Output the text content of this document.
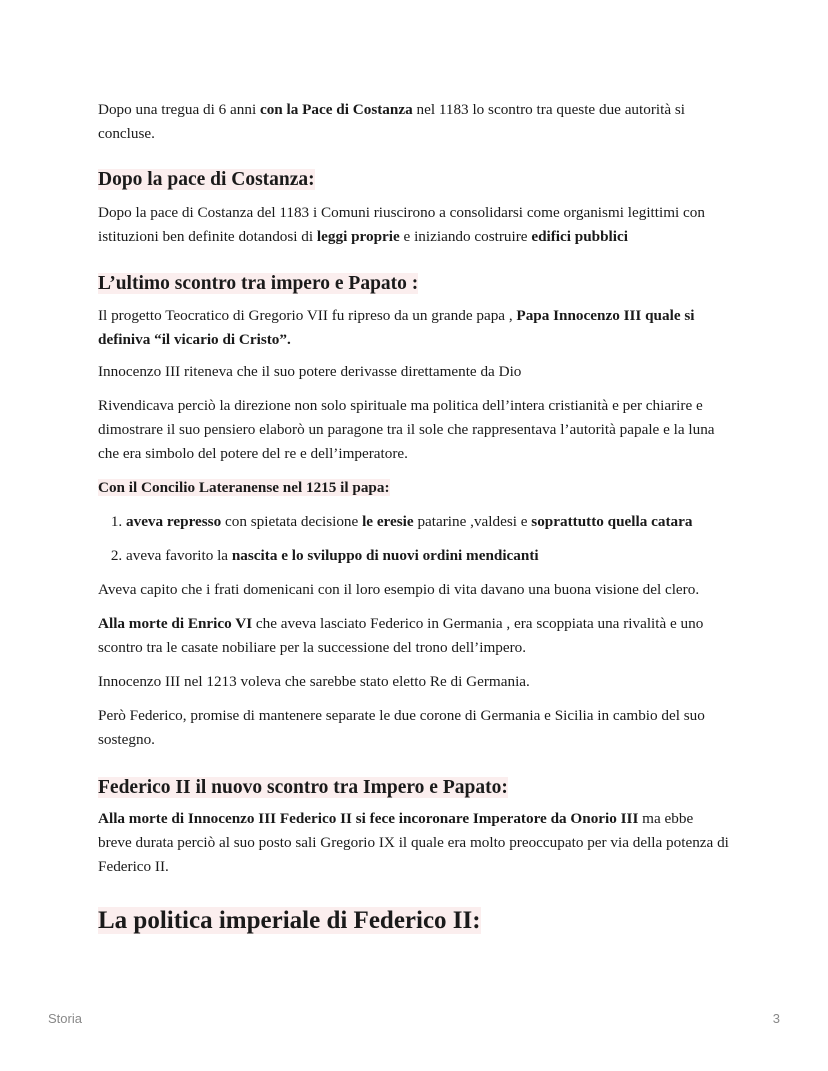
Dopo una tregua di 6 anni con la Pace di Costanza nel 1183 lo scontro tra queste due autorità si concluse.

Dopo la pace di Costanza:

Dopo la pace di Costanza del 1183 i Comuni riuscirono a consolidarsi come organismi legittimi con istituzioni ben definite dotandosi di leggi proprie e iniziando costruire edifici pubblici

L’ultimo scontro tra impero e Papato :

Il progetto Teocratico di Gregorio VII fu ripreso da un grande papa , Papa Innocenzo III quale si definiva “il vicario di Cristo”.

Innocenzo III riteneva che il suo potere derivasse direttamente da Dio

Rivendicava perciò la direzione non solo spirituale ma politica dell’intera cristianità e per chiarire e dimostrare il suo pensiero elaborò un paragone tra il sole che rappresentava l’autorità papale e la luna che era simbolo del potere del re e dell’imperatore.

Con il Concilio Lateranense nel 1215 il papa:

1. aveva represso con spietata decisione le eresie patarine ,valdesi e soprattutto quella catara
2. aveva favorito la nascita e lo sviluppo di nuovi ordini mendicanti

Aveva capito che i frati domenicani con il loro esempio di vita davano una buona visione del clero.

Alla morte di Enrico VI che aveva lasciato Federico in Germania , era scoppiata una rivalità e uno scontro tra le casate nobiliare per la successione del trono dell’impero.

Innocenzo III nel 1213 voleva che sarebbe stato eletto Re di Germania.

Però Federico, promise di mantenere separate le due corone di Germania e Sicilia in cambio del suo sostegno.

Federico II il nuovo scontro tra Impero e Papato:

Alla morte di Innocenzo III Federico II si fece incoronare Imperatore da Onorio III ma ebbe breve durata perciò al suo posto sali Gregorio IX il quale era molto preoccupato per via della potenza di Federico II.

La politica imperiale di Federico II:
Storia	3
